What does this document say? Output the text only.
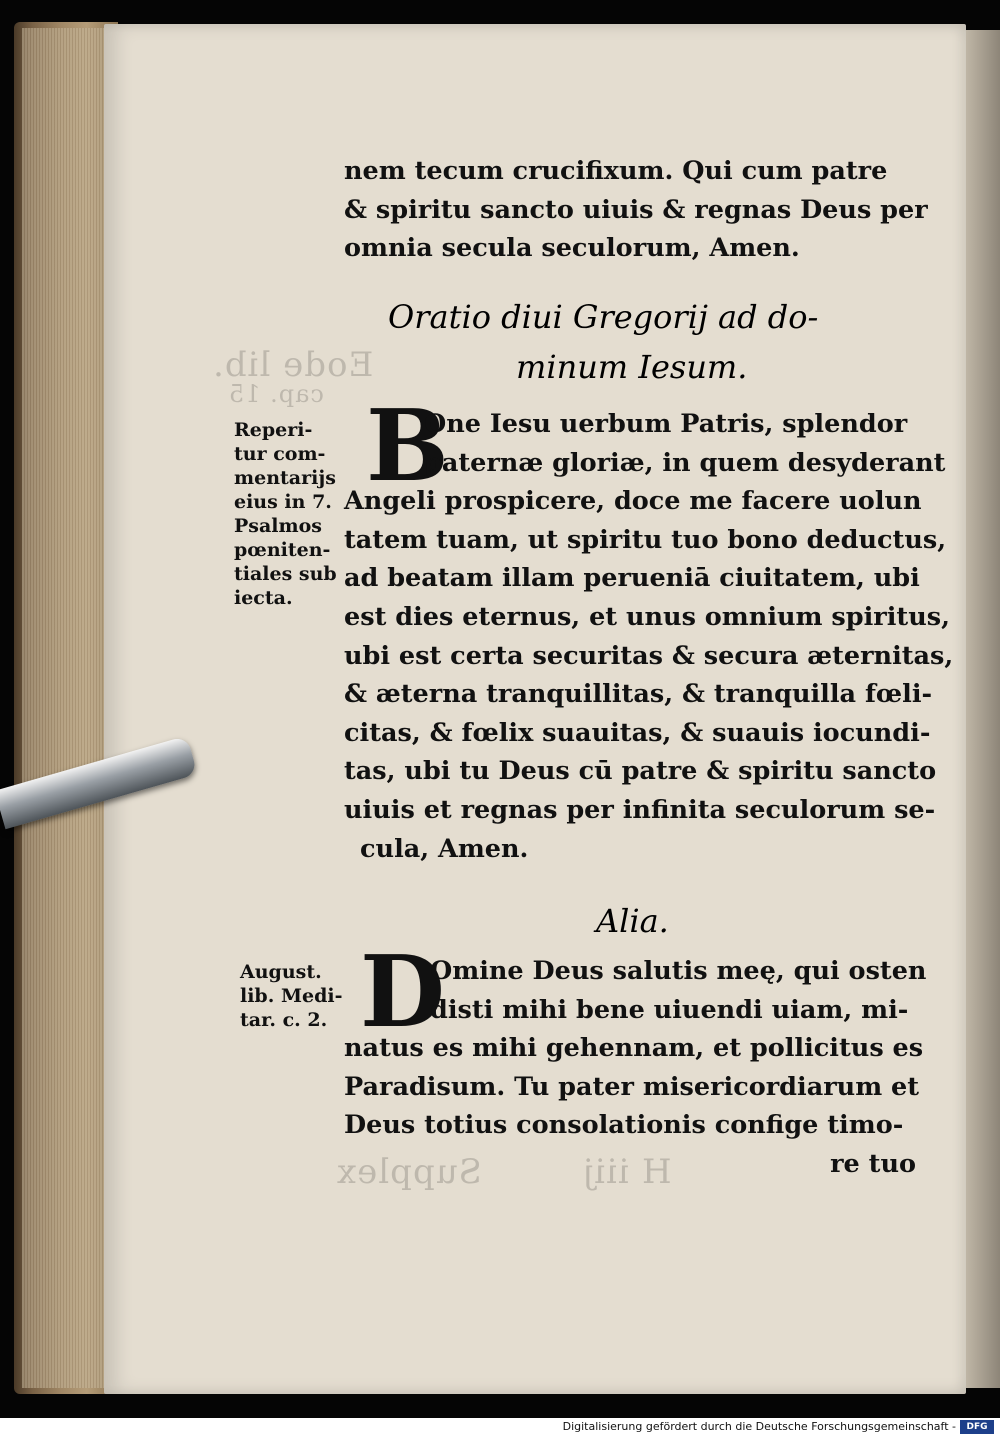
Eode lib.
cap. 15
H iiij
Supplex
nem tecum crucifixum. Qui cum patre
& spiritu sancto uiuis & regnas Deus per
omnia secula seculorum, Amen.
Oratio diui Gregorij ad do-
minum Iesum.
B
One Iesu uerbum Patris, splendor
paternæ gloriæ, in quem desyderant
Angeli prospicere, doce me facere uolun
tatem tuam, ut spiritu tuo bono deductus,
ad beatam illam perueniā ciuitatem, ubi
est dies eternus, et unus omnium spiritus,
ubi est certa securitas & secura æternitas,
& æterna tranquillitas, & tranquilla fœli-
citas, & fœlix suauitas, & suauis iocundi-
tas, ubi tu Deus cū patre & spiritu sancto
uiuis et regnas per infinita seculorum se-
cula, Amen.
Alia.
D
Omine Deus salutis meę, qui osten
disti mihi bene uiuendi uiam, mi-
natus es mihi gehennam, et pollicitus es
Paradisum. Tu pater misericordiarum et
Deus totius consolationis confige timo-
re tuo
Reperi-
tur com-
mentarijs
eius in 7.
Psalmos
pœniten-
tiales sub
iecta.
August.
lib. Medi-
tar. c. 2.
Digitalisierung gefördert durch die Deutsche Forschungsgemeinschaft -	DFG
